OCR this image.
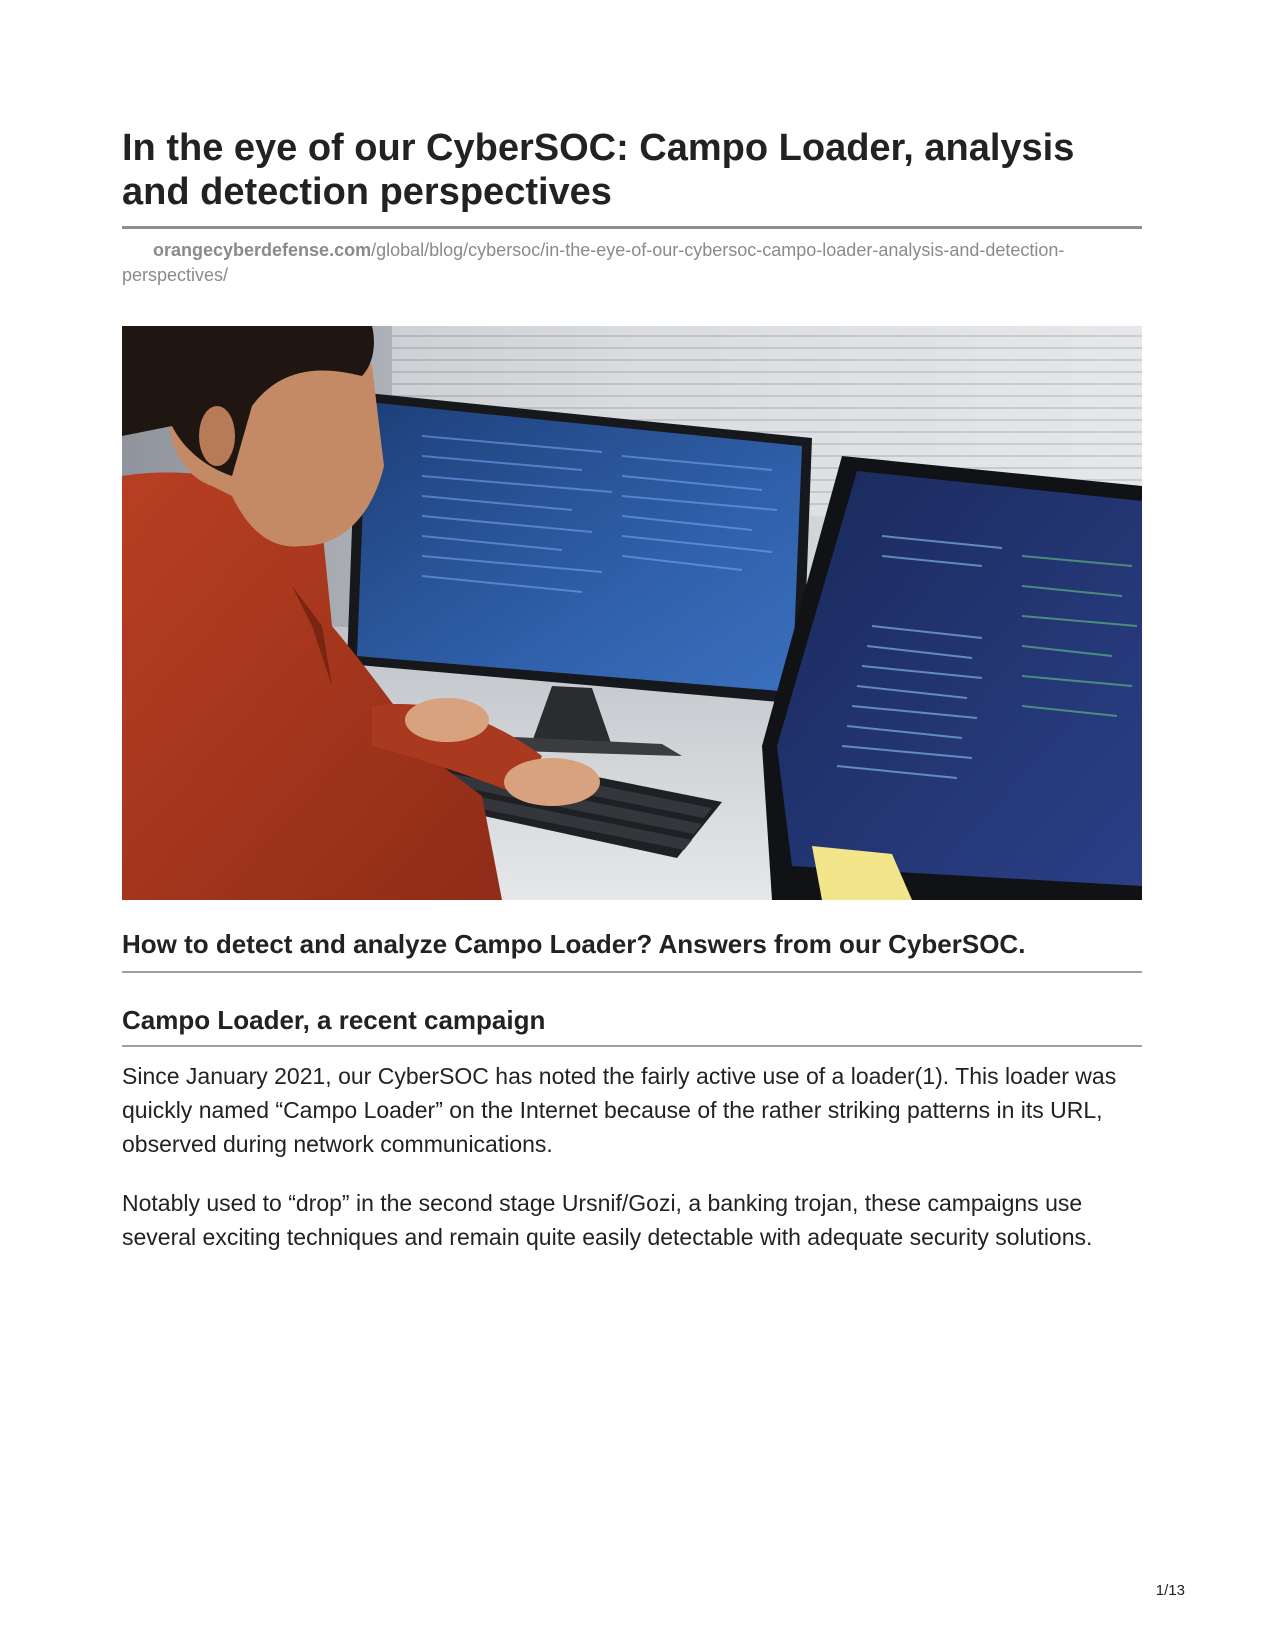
In the eye of our CyberSOC: Campo Loader, analysis and detection perspectives
orangecyberdefense.com/global/blog/cybersoc/in-the-eye-of-our-cybersoc-campo-loader-analysis-and-detection-perspectives/
How to detect and analyze Campo Loader? Answers from our CyberSOC.
Campo Loader, a recent campaign

Since January 2021, our CyberSOC has noted the fairly active use of a loader(1). This loader was quickly named “Campo Loader” on the Internet because of the rather striking patterns in its URL, observed during network communications.

Notably used to “drop” in the second stage Ursnif/Gozi, a banking trojan, these campaigns use several exciting techniques and remain quite easily detectable with adequate security solutions.

1/13
